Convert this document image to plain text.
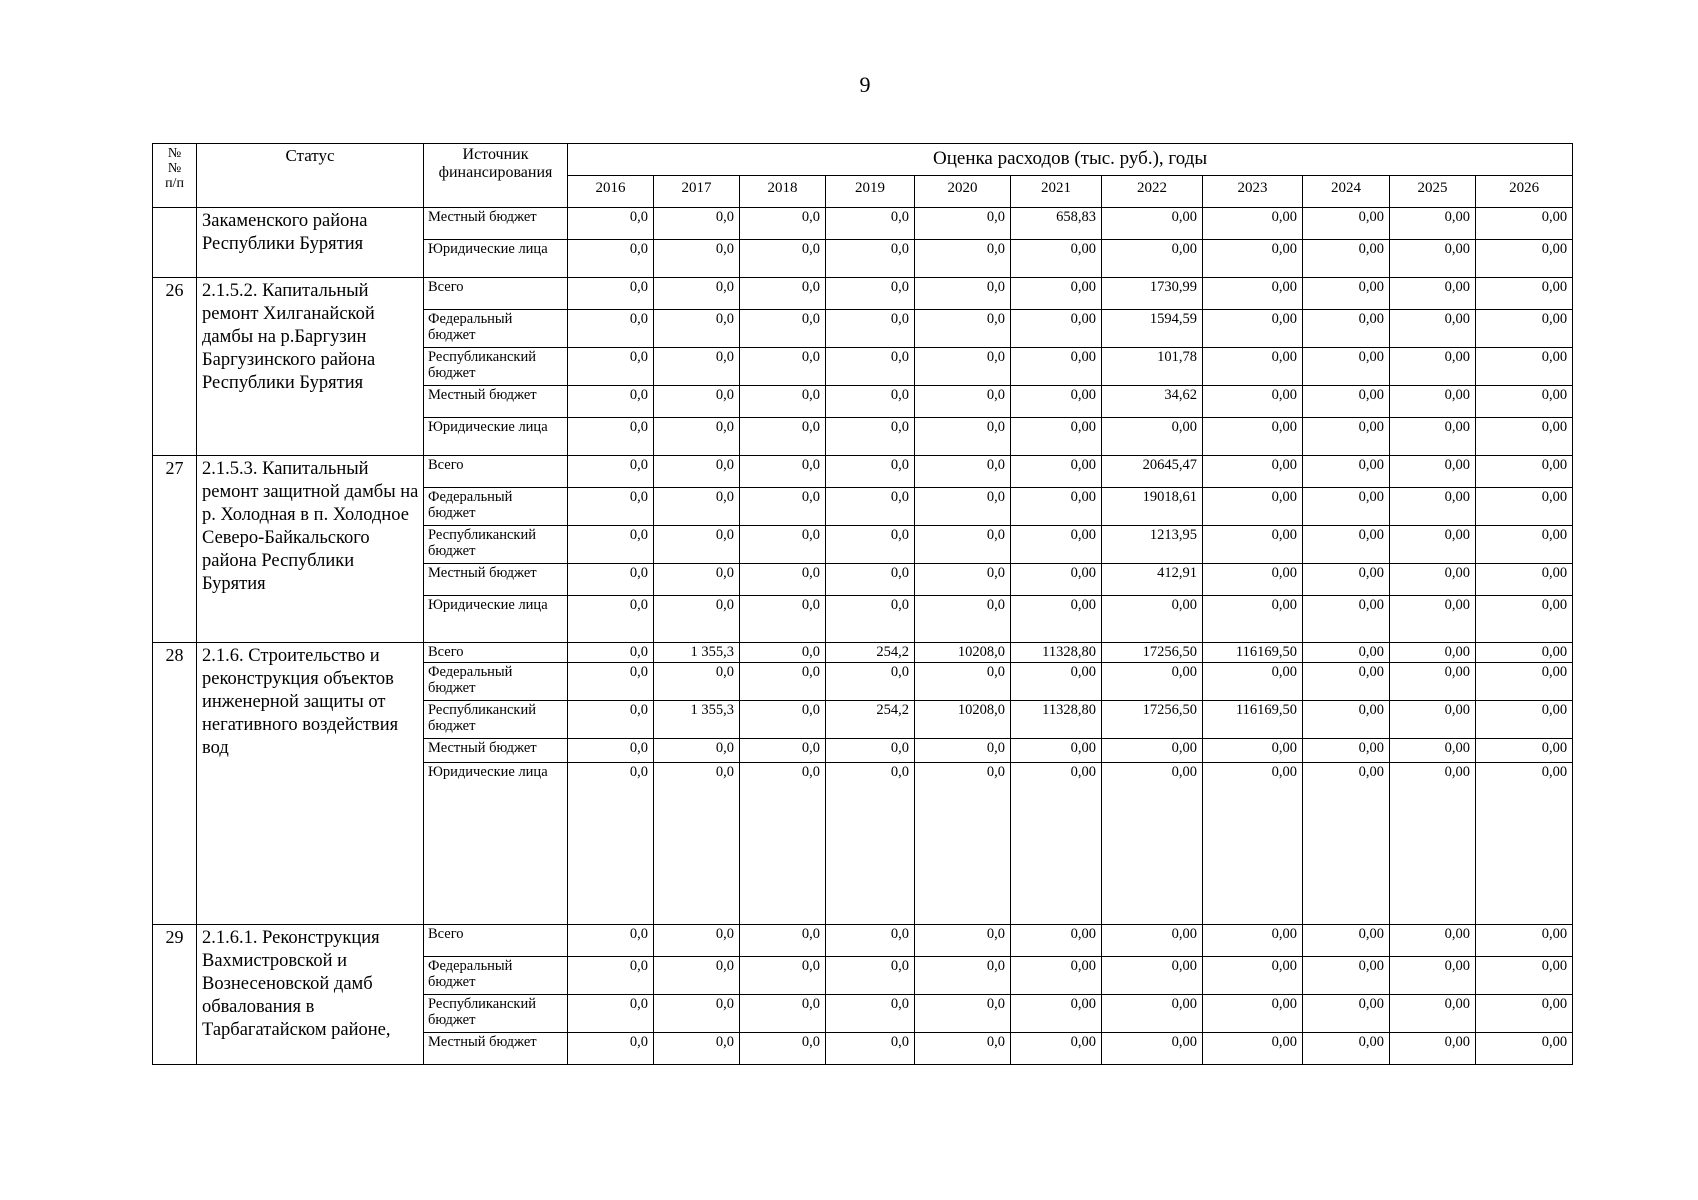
9
№
№
п/п	Статус	Источник финансирования	Оценка расходов (тыс. руб.), годы										
			2016	2017	2018	2019	2020	2021	2022	2023	2024	2025	2026
	Закаменского района Республики Бурятия	Местный бюджет	0,0	0,0	0,0	0,0	0,0	658,83	0,00	0,00	0,00	0,00	0,00
		Юридические лица	0,0	0,0	0,0	0,0	0,0	0,00	0,00	0,00	0,00	0,00	0,00
26	2.1.5.2. Капитальный ремонт Хилганайской дамбы на р.Баргузин Баргузинского района Республики Бурятия	Всего	0,0	0,0	0,0	0,0	0,0	0,00	1730,99	0,00	0,00	0,00	0,00
		Федеральный бюджет	0,0	0,0	0,0	0,0	0,0	0,00	1594,59	0,00	0,00	0,00	0,00
		Республиканский бюджет	0,0	0,0	0,0	0,0	0,0	0,00	101,78	0,00	0,00	0,00	0,00
		Местный бюджет	0,0	0,0	0,0	0,0	0,0	0,00	34,62	0,00	0,00	0,00	0,00
		Юридические лица	0,0	0,0	0,0	0,0	0,0	0,00	0,00	0,00	0,00	0,00	0,00
27	2.1.5.3. Капитальный ремонт защитной дамбы на р. Холодная в п. Холодное Северо-Байкальского района Республики Бурятия	Всего	0,0	0,0	0,0	0,0	0,0	0,00	20645,47	0,00	0,00	0,00	0,00
		Федеральный бюджет	0,0	0,0	0,0	0,0	0,0	0,00	19018,61	0,00	0,00	0,00	0,00
		Республиканский бюджет	0,0	0,0	0,0	0,0	0,0	0,00	1213,95	0,00	0,00	0,00	0,00
		Местный бюджет	0,0	0,0	0,0	0,0	0,0	0,00	412,91	0,00	0,00	0,00	0,00
		Юридические лица	0,0	0,0	0,0	0,0	0,0	0,00	0,00	0,00	0,00	0,00	0,00
28	2.1.6. Строительство и реконструкция объектов инженерной защиты от негативного воздействия вод	Всего	0,0	1 355,3	0,0	254,2	10208,0	11328,80	17256,50	116169,50	0,00	0,00	0,00
		Федеральный бюджет	0,0	0,0	0,0	0,0	0,0	0,00	0,00	0,00	0,00	0,00	0,00
		Республиканский бюджет	0,0	1 355,3	0,0	254,2	10208,0	11328,80	17256,50	116169,50	0,00	0,00	0,00
		Местный бюджет	0,0	0,0	0,0	0,0	0,0	0,00	0,00	0,00	0,00	0,00	0,00
		Юридические лица	0,0	0,0	0,0	0,0	0,0	0,00	0,00	0,00	0,00	0,00	0,00
29	2.1.6.1. Реконструкция Вахмистровской и Вознесеновской дамб обвалования в Тарбагатайском районе,	Всего	0,0	0,0	0,0	0,0	0,0	0,00	0,00	0,00	0,00	0,00	0,00
		Федеральный бюджет	0,0	0,0	0,0	0,0	0,0	0,00	0,00	0,00	0,00	0,00	0,00
		Республиканский бюджет	0,0	0,0	0,0	0,0	0,0	0,00	0,00	0,00	0,00	0,00	0,00
		Местный бюджет	0,0	0,0	0,0	0,0	0,0	0,00	0,00	0,00	0,00	0,00	0,00
